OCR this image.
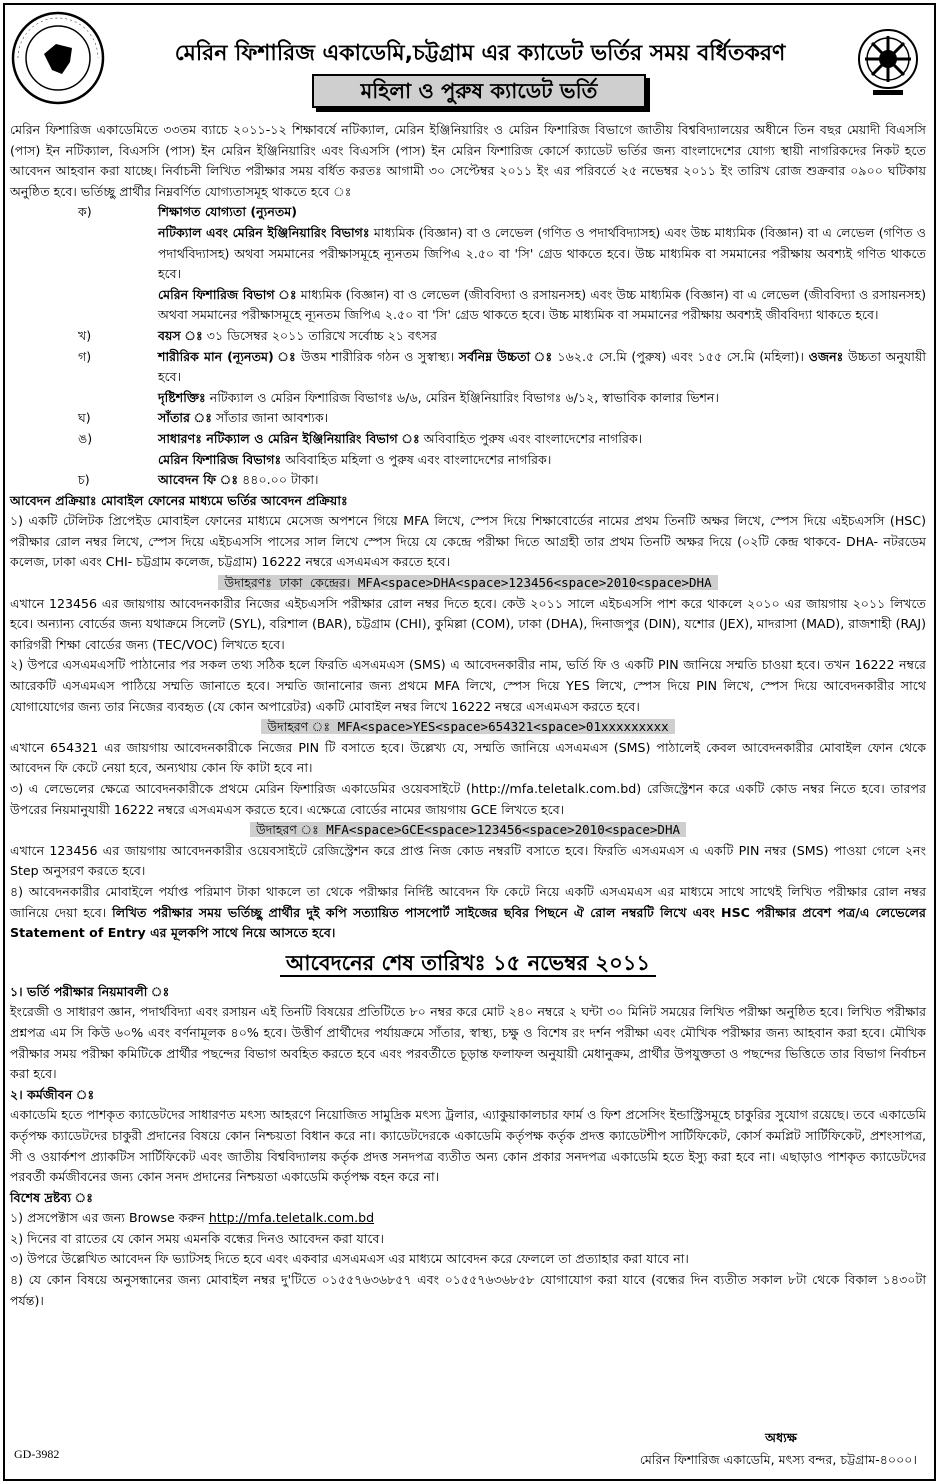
মেরিন ফিশারিজ একাডেমি,চট্টগ্রাম এর ক্যাডেট ভর্তির সময় বর্ধিতকরণ
মহিলা ও পুরুষ ক্যাডেট ভর্তি

মেরিন ফিশারিজ একাডেমিতে ৩৩তম ব্যাচে ২০১১-১২ শিক্ষাবর্ষে নটিক্যাল, মেরিন ইঞ্জিনিয়ারিং ও মেরিন ফিশারিজ বিভাগে জাতীয় বিশ্ববিদ্যালয়ের অধীনে তিন বছর মেয়াদী বিএসসি (পাস) ইন নটিক্যাল, বিএসসি (পাস) ইন মেরিন ইঞ্জিনিয়ারিং এবং বিএসসি (পাস) ইন মেরিন ফিশারিজ কোর্সে ক্যাডেট ভর্তির জন্য বাংলাদেশের যোগ্য স্থায়ী নাগরিকদের নিকট হতে আবেদন আহবান করা যাচ্ছে। নির্বাচনী লিখিত পরীক্ষার সময় বর্ধিত করতঃ আগামী ৩০ সেপ্টেম্বর ২০১১ ইং এর পরিবর্তে ২৫ নভেম্বর ২০১১ ইং তারিখ রোজ শুক্রবার ০৯০০ ঘটিকায় অনুষ্ঠিত হবে। ভর্তিচ্ছু প্রার্থীর নিম্নবর্ণিত যোগ্যতাসমূহ থাকতে হবে ঃ

ক)	শিক্ষাগত যোগ্যতা (ন্যুনতম)

নটিক্যাল এবং মেরিন ইঞ্জিনিয়ারিং বিভাগঃ মাধ্যমিক (বিজ্ঞান) বা ও লেভেল (গণিত ও পদার্থবিদ্যাসহ) এবং উচ্চ মাধ্যমিক (বিজ্ঞান) বা এ লেভেল (গণিত ও পদার্থবিদ্যাসহ) অথবা সমমানের পরীক্ষাসমূহে ন্যূনতম জিপিএ ২.৫০ বা 'সি' গ্রেড থাকতে হবে। উচ্চ মাধ্যমিক বা সমমানের পরীক্ষায় অবশ্যই গণিত থাকতে হবে।

মেরিন ফিশারিজ বিভাগ ঃ মাধ্যমিক (বিজ্ঞান) বা ও লেভেল (জীববিদ্যা ও রসায়নসহ) এবং উচ্চ মাধ্যমিক (বিজ্ঞান) বা এ লেভেল (জীববিদ্যা ও রসায়নসহ) অথবা সমমানের পরীক্ষাসমূহে ন্যূনতম জিপিএ ২.৫০ বা 'সি' গ্রেড থাকতে হবে। উচ্চ মাধ্যমিক বা সমমানের পরীক্ষায় অবশ্যই জীববিদ্যা থাকতে হবে।

খ)	বয়স ঃ ৩১ ডিসেম্বর ২০১১ তারিখে সর্বোচ্চ ২১ বৎসর
গ)	শারীরিক মান (ন্যূনতম) ঃ উত্তম শারীরিক গঠন ও সুস্বাস্থ্য। সর্বনিম্ন উচ্চতা ঃ ১৬২.৫ সে.মি (পুরুষ) এবং ১৫৫ সে.মি (মহিলা)। ওজনঃ উচ্চতা অনুযায়ী হবে।

দৃষ্টিশক্তিঃ নটিক্যাল ও মেরিন ফিশারিজ বিভাগঃ ৬/৬, মেরিন ইঞ্জিনিয়ারিং বিভাগঃ ৬/১২, স্বাভাবিক কালার ভিশন।

ঘ)	সাঁতার ঃ সাঁতার জানা আবশ্যক।
ঙ)	সাধারণঃ নটিক্যাল ও মেরিন ইঞ্জিনিয়ারিং বিভাগ ঃ অবিবাহিত পুরুষ এবং বাংলাদেশের নাগরিক।

মেরিন ফিশারিজ বিভাগঃ অবিবাহিত মহিলা ও পুরুষ এবং বাংলাদেশের নাগরিক।

চ)	আবেদন ফি ঃ ৪৪০.০০ টাকা।

আবেদন প্রক্রিয়াঃ মোবাইল ফোনের মাধ্যমে ভর্তির আবেদন প্রক্রিয়াঃ

১) একটি টেলিটক প্রিপেইড মোবাইল ফোনের মাধ্যমে মেসেজ অপশনে গিয়ে MFA লিখে, স্পেস দিয়ে শিক্ষাবোর্ডের নামের প্রথম তিনটি অক্ষর লিখে, স্পেস দিয়ে এইচএসসি (HSC) পরীক্ষার রোল নম্বর লিখে, স্পেস দিয়ে এইচএসসি পাসের সাল লিখে স্পেস দিয়ে যে কেন্দ্রে পরীক্ষা দিতে আগ্রহী তার প্রথম তিনটি অক্ষর দিয়ে (০২টি কেন্দ্র থাকবে- DHA- নটরডেম কলেজ, ঢাকা এবং CHI- চট্টগ্রাম কলেজ, চট্টগ্রাম) 16222 নম্বরে এসএমএস করতে হবে।

উদাহরণঃ ঢাকা কেন্দ্রের। MFA<space>DHA<space>123456<space>2010<space>DHA

এখানে 123456 এর জায়গায় আবেদনকারীর নিজের এইচএসসি পরীক্ষার রোল নম্বর দিতে হবে। কেউ ২০১১ সালে এইচএসসি পাশ করে থাকলে ২০১০ এর জায়গায় ২০১১ লিখতে হবে। অন্যান্য বোর্ডের জন্য যথাক্রমে সিলেট (SYL), বরিশাল (BAR), চট্টগ্রাম (CHI), কুমিল্লা (COM), ঢাকা (DHA), দিনাজপুর (DIN), যশোর (JEX), মাদরাসা (MAD), রাজশাহী (RAJ) কারিগরী শিক্ষা বোর্ডের জন্য (TEC/VOC) লিখতে হবে।

২) উপরে এসএমএসটি পাঠানোর পর সকল তথ্য সঠিক হলে ফিরতি এসএমএস (SMS) এ আবেদনকারীর নাম, ভর্তি ফি ও একটি PIN জানিয়ে সম্মতি চাওয়া হবে। তখন 16222 নম্বরে আরেকটি এসএমএস পাঠিয়ে সম্মতি জানাতে হবে। সম্মতি জানানোর জন্য প্রথমে MFA লিখে, স্পেস দিয়ে YES লিখে, স্পেস দিয়ে PIN লিখে, স্পেস দিয়ে আবেদনকারীর সাথে যোগাযোগের জন্য তার নিজের ব্যবহৃত (যে কোন অপারেটর) একটি মোবাইল নম্বর লিখে 16222 নম্বরে এসএমএস করতে হবে।

উদাহরণ ঃ MFA<space>YES<space>654321<space>01xxxxxxxxx

এখানে 654321 এর জায়গায় আবেদনকারীকে নিজের PIN টি বসাতে হবে। উল্লেখ্য যে, সম্মতি জানিয়ে এসএমএস (SMS) পাঠালেই কেবল আবেদনকারীর মোবাইল ফোন থেকে আবেদন ফি কেটে নেয়া হবে, অন্যথায় কোন ফি কাটা হবে না।

৩) এ লেভেলের ক্ষেত্রে আবেদনকারীকে প্রথমে মেরিন ফিশারিজ একাডেমির ওয়েবসাইটে (http://mfa.teletalk.com.bd) রেজিস্ট্রেশন করে একটি কোড নম্বর নিতে হবে। তারপর উপরের নিয়মানুযায়ী 16222 নম্বরে এসএমএস করতে হবে। এক্ষেত্রে বোর্ডের নামের জায়গায় GCE লিখতে হবে।

উদাহরণ ঃ MFA<space>GCE<space>123456<space>2010<space>DHA

এখানে 123456 এর জায়গায় আবেদনকারীর ওয়েবসাইটে রেজিস্ট্রেশন করে প্রাপ্ত নিজ কোড নম্বরটি বসাতে হবে। ফিরতি এসএমএস এ একটি PIN নম্বর (SMS) পাওয়া গেলে ২নং Step অনুসরণ করতে হবে।

৪) আবেদনকারীর মোবাইলে পর্যাপ্ত পরিমাণ টাকা থাকলে তা থেকে পরীক্ষার নির্দিষ্ট আবেদন ফি কেটে নিয়ে একটি এসএমএস এর মাধ্যমে সাথে সাথেই লিখিত পরীক্ষার রোল নম্বর জানিয়ে দেয়া হবে। লিখিত পরীক্ষার সময় ভর্তিচ্ছু প্রার্থীর দুই কপি সত্যায়িত পাসপোর্ট সাইজের ছবির পিছনে ঐ রোল নম্বরটি লিখে এবং HSC পরীক্ষার প্রবেশ পত্র/এ লেভেলের Statement of Entry এর মূলকপি সাথে নিয়ে আসতে হবে।

আবেদনের শেষ তারিখঃ ১৫ নভেম্বর ২০১১

১। ভর্তি পরীক্ষার নিয়মাবলী ঃ

ইংরেজী ও সাধারণ জ্ঞান, পদার্থবিদ্যা এবং রসায়ন এই তিনটি বিষয়ের প্রতিটিতে ৮০ নম্বর করে মোট ২৪০ নম্বরে ২ ঘন্টা ৩০ মিনিট সময়ের লিখিত পরীক্ষা অনুষ্ঠিত হবে। লিখিত পরীক্ষার প্রশ্নপত্র এম সি কিউ ৬০% এবং বর্ণনামূলক ৪০% হবে। উত্তীর্ণ প্রার্থীদের পর্যায়ক্রমে সাঁতার, স্বাস্থ্য, চক্ষু ও বিশেষ রং দর্শন পরীক্ষা এবং মৌখিক পরীক্ষার জন্য আহবান করা হবে। মৌখিক পরীক্ষার সময় পরীক্ষা কমিটিকে প্রার্থীর পছন্দের বিভাগ অবহিত করতে হবে এবং পরবর্তীতে চূড়ান্ত ফলাফল অনুযায়ী মেধানুক্রম, প্রার্থীর উপযুক্ততা ও পছন্দের ভিত্তিতে তার বিভাগ নির্বাচন করা হবে।

২। কর্মজীবন ঃ

একাডেমি হতে পাশকৃত ক্যাডেটদের সাধারণত মৎস্য আহরণে নিয়োজিত সামুদ্রিক মৎস্য ট্রলার, এ্যাকুয়াকালচার ফার্ম ও ফিশ প্রসেসিং ইন্ডাস্ট্রিসমূহে চাকুরির সুযোগ রয়েছে। তবে একাডেমি কর্তৃপক্ষ ক্যাডেটদের চাকুরী প্রদানের বিষয়ে কোন নিশ্চয়তা বিধান করে না। ক্যাডেটদেরকে একাডেমি কর্তৃপক্ষ কর্তৃক প্রদত্ত ক্যাডেটশীপ সার্টিফিকেট, কোর্স কমপ্লিট সার্টিফিকেট, প্রশংসাপত্র, সী ও ওয়ার্কশপ প্র্যাকটিস সার্টিফিকেট এবং জাতীয় বিশ্ববিদ্যালয় কর্তৃক প্রদত্ত সনদপত্র ব্যতীত অন্য কোন প্রকার সনদপত্র একাডেমি হতে ইস্যু করা হবে না। এছাড়াও পাশকৃত ক্যাডেটদের পরবর্তী কর্মজীবনের জন্য কোন সনদ প্রদানের নিশ্চয়তা একাডেমি কর্তৃপক্ষ বহন করে না।

বিশেষ দ্রষ্টব্য ঃ

১) প্রসপেক্টাস এর জন্য Browse করুন http://mfa.teletalk.com.bd

২) দিনের বা রাতের যে কোন সময় এমনকি বন্ধের দিনও আবেদন করা যাবে।

৩) উপরে উল্লেখিত আবেদন ফি ভ্যাটসহ দিতে হবে এবং একবার এসএমএস এর মাধ্যমে আবেদন করে ফেললে তা প্রত্যাহার করা যাবে না।

৪) যে কোন বিষয়ে অনুসন্ধানের জন্য মোবাইল নম্বর দু'টিতে ০১৫৫৭৬৩৬৮৫৭ এবং ০১৫৫৭৬৩৬৮৫৮ যোগাযোগ করা যাবে (বন্ধের দিন ব্যতীত সকাল ৮টা থেকে বিকাল ১৪৩০টা পর্যন্ত)।

অধ্যক্ষ
মেরিন ফিশারিজ একাডেমি, মৎস্য বন্দর, চট্টগ্রাম-৪০০০।
GD-3982
